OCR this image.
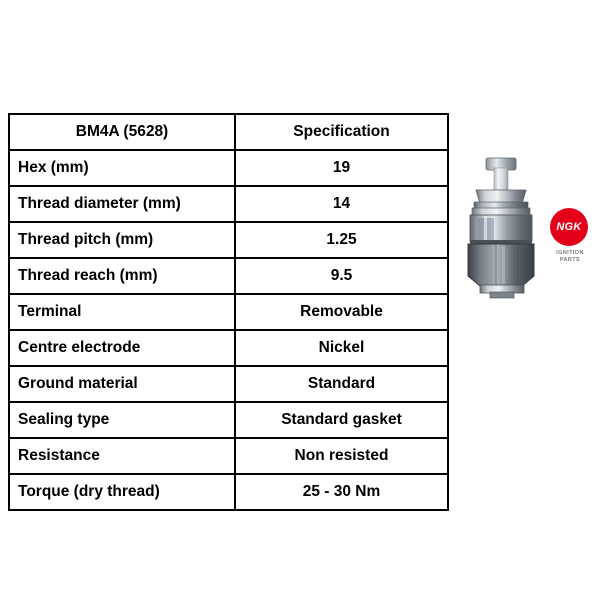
BM4A (5628)	Specification
Hex (mm)	19
Thread diameter (mm)	14
Thread pitch (mm)	1.25
Thread reach (mm)	9.5
Terminal	Removable
Centre electrode	Nickel
Ground material	Standard
Sealing type	Standard gasket
Resistance	Non resisted
Torque (dry thread)	25 - 30 Nm
NGK
IGNITION
PARTS
